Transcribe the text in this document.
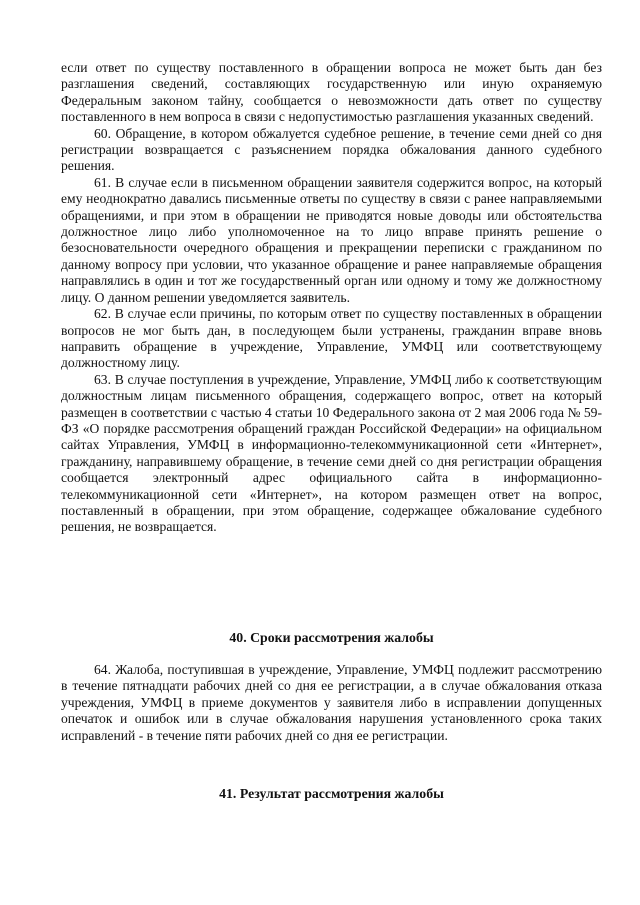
если ответ по существу поставленного в обращении вопроса не может быть дан без разглашения сведений, составляющих государственную или иную охраняемую Федеральным законом тайну, сообщается о невозможности дать ответ по существу поставленного в нем вопроса в связи с недопустимостью разглашения указанных сведений.

60. Обращение, в котором обжалуется судебное решение, в течение семи дней со дня регистрации возвращается с разъяснением порядка обжалования данного судебного решения.

61. В случае если в письменном обращении заявителя содержится вопрос, на который ему неоднократно давались письменные ответы по существу в связи с ранее направляемыми обращениями, и при этом в обращении не приводятся новые доводы или обстоятельства должностное лицо либо уполномоченное на то лицо вправе принять решение о безосновательности очередного обращения и прекращении переписки с гражданином по данному вопросу при условии, что указанное обращение и ранее направляемые обращения направлялись в один и тот же государственный орган или одному и тому же должностному лицу. О данном решении уведомляется заявитель.

62. В случае если причины, по которым ответ по существу поставленных в обращении вопросов не мог быть дан, в последующем были устранены, гражданин вправе вновь направить обращение в учреждение, Управление, УМФЦ или соответствующему должностному лицу.

63. В случае поступления в учреждение, Управление, УМФЦ либо к соответствующим должностным лицам письменного обращения, содержащего вопрос, ответ на который размещен в соответствии с частью 4 статьи 10 Федерального закона от 2 мая 2006 года № 59-ФЗ «О порядке рассмотрения обращений граждан Российской Федерации» на официальном сайтах Управления, УМФЦ в информационно-телекоммуникационной сети «Интернет», гражданину, направившему обращение, в течение семи дней со дня регистрации обращения сообщается электронный адрес официального сайта в информационно-телекоммуникационной сети «Интернет», на котором размещен ответ на вопрос, поставленный в обращении, при этом обращение, содержащее обжалование судебного решения, не возвращается.

40. Сроки рассмотрения жалобы

64. Жалоба, поступившая в учреждение, Управление, УМФЦ подлежит рассмотрению в течение пятнадцати рабочих дней со дня ее регистрации, а в случае обжалования отказа учреждения, УМФЦ в приеме документов у заявителя либо в исправлении допущенных опечаток и ошибок или в случае обжалования нарушения установленного срока таких исправлений - в течение пяти рабочих дней со дня ее регистрации.

41. Результат рассмотрения жалобы
